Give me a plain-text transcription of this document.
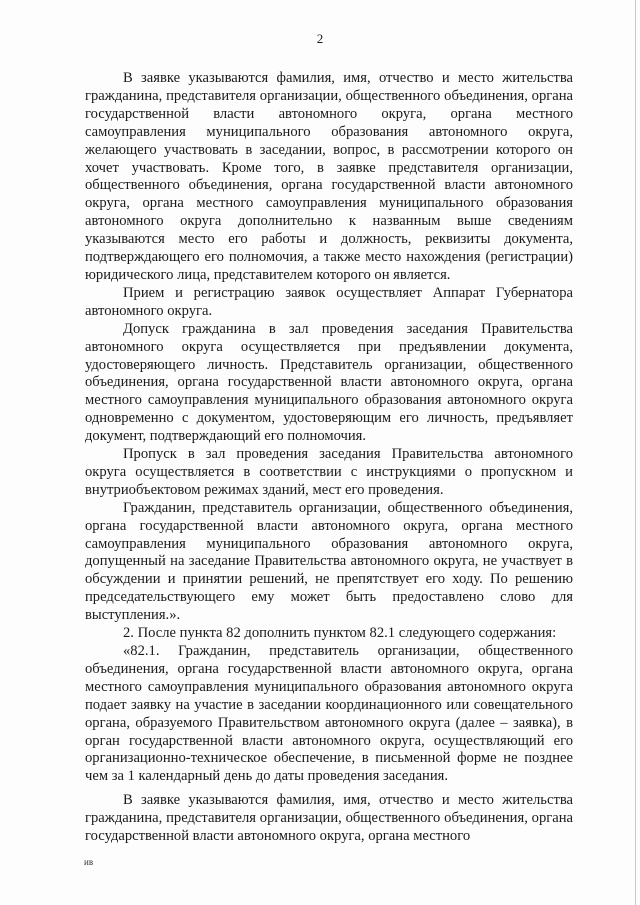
2

В заявке указываются фамилия, имя, отчество и место жительства гражданина, представителя организации, общественного объединения, органа государственной власти автономного округа, органа местного самоуправления муниципального образования автономного округа, желающего участвовать в заседании, вопрос, в рассмотрении которого он хочет участвовать. Кроме того, в заявке представителя организации, общественного объединения, органа государственной власти автономного округа, органа местного самоуправления муниципального образования автономного округа дополнительно к названным выше сведениям указываются место его работы и должность, реквизиты документа, подтверждающего его полномочия, а также место нахождения (регистрации) юридического лица, представителем которого он является.

Прием и регистрацию заявок осуществляет Аппарат Губернатора автономного округа.

Допуск гражданина в зал проведения заседания Правительства автономного округа осуществляется при предъявлении документа, удостоверяющего личность. Представитель организации, общественного объединения, органа государственной власти автономного округа, органа местного самоуправления муниципального образования автономного округа одновременно с документом, удостоверяющим его личность, предъявляет документ, подтверждающий его полномочия.

Пропуск в зал проведения заседания Правительства автономного округа осуществляется в соответствии с инструкциями о пропускном и внутриобъектовом режимах зданий, мест его проведения.

Гражданин, представитель организации, общественного объединения, органа государственной власти автономного округа, органа местного самоуправления муниципального образования автономного округа, допущенный на заседание Правительства автономного округа, не участвует в обсуждении и принятии решений, не препятствует его ходу. По решению председательствующего ему может быть предоставлено слово для выступления.».

2. После пункта 82 дополнить пунктом 82.1 следующего содержания:

«82.1. Гражданин, представитель организации, общественного объединения, органа государственной власти автономного округа, органа местного самоуправления муниципального образования автономного округа подает заявку на участие в заседании координационного или совещательного органа, образуемого Правительством автономного округа (далее – заявка), в орган государственной власти автономного округа, осуществляющий его организационно-техническое обеспечение, в письменной форме не позднее чем за 1 календарный день до даты проведения заседания.

В заявке указываются фамилия, имя, отчество и место жительства гражданина, представителя организации, общественного объединения, органа государственной власти автономного округа, органа местного

ив
